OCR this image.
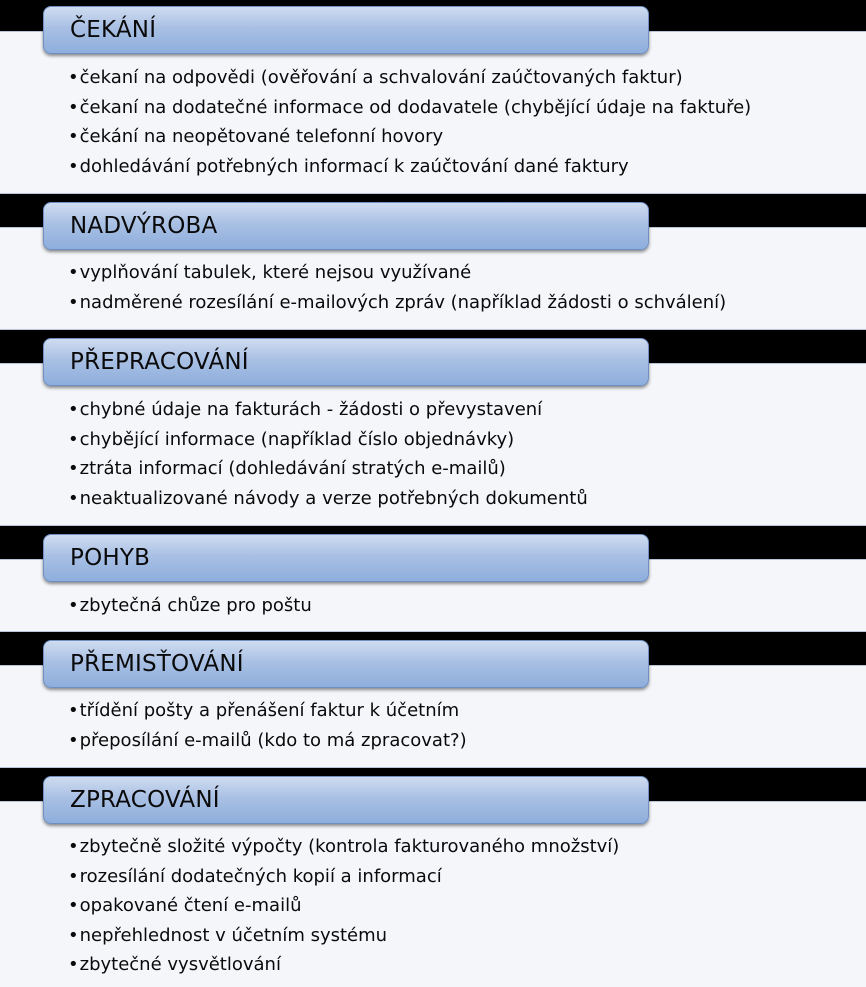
•čekaní na odpovědi (ověřování a schvalování zaúčtovaných faktur)
•čekaní na dodatečné informace od dodavatele (chybějící údaje na faktuře)
•čekání na neopětované telefonní hovory
•dohledávání potřebných informací k zaúčtování dané faktury
ČEKÁNÍ
•vyplňování tabulek, které nejsou využívané
•nadměrené rozesílání e-mailových zpráv (například žádosti o schválení)
NADVÝROBA
•chybné údaje na fakturách - žádosti o převystavení
•chybějící informace (například číslo objednávky)
•ztráta informací (dohledávání stratých e-mailů)
•neaktualizované návody a verze potřebných dokumentů
PŘEPRACOVÁNÍ
•zbytečná chůze pro poštu
POHYB
•třídění pošty a přenášení faktur k účetním
•přeposílání e-mailů (kdo to má zpracovat?)
PŘEMISŤOVÁNÍ
•zbytečně složité výpočty (kontrola fakturovaného množství)
•rozesílání dodatečných kopií a informací
•opakované čtení e-mailů
•nepřehlednost v účetním systému
•zbytečné vysvětlování
ZPRACOVÁNÍ
